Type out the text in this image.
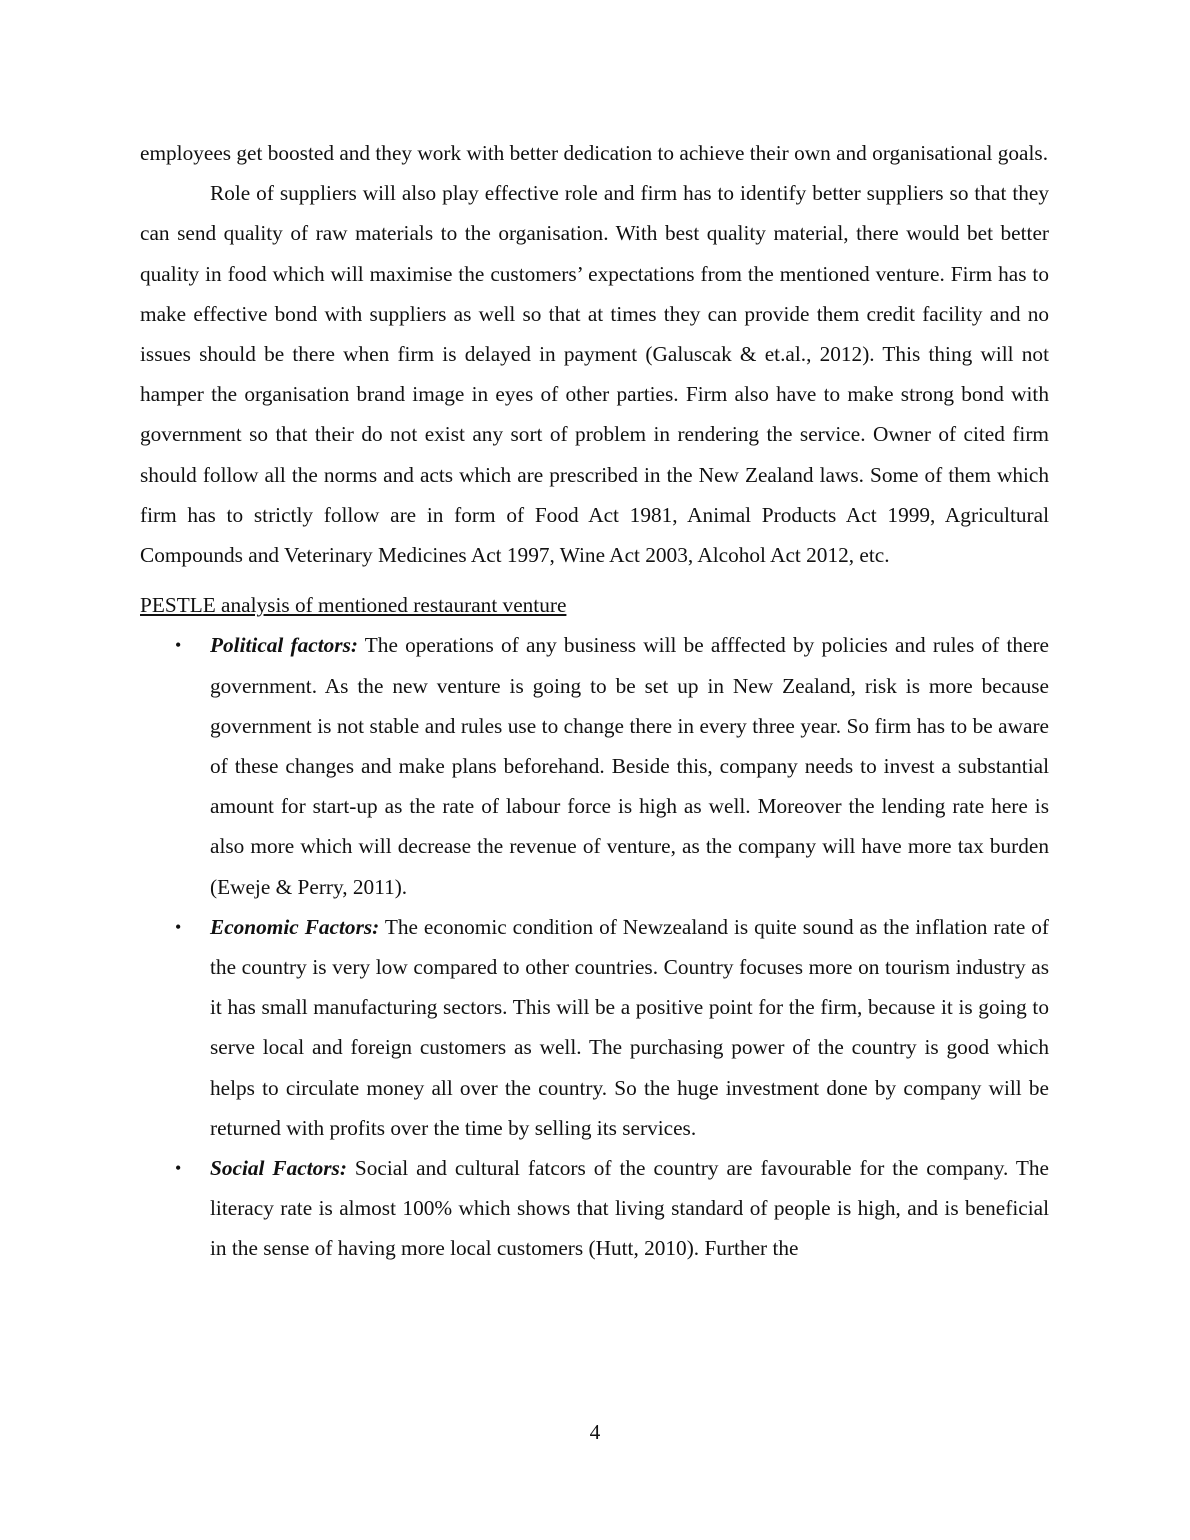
employees get boosted and they work with better dedication to achieve their own and organisational goals.

Role of suppliers will also play effective role and firm has to identify better suppliers so that they can send quality of raw materials to the organisation. With best quality material, there would bet better quality in food which will maximise the customers’ expectations from the mentioned venture. Firm has to make effective bond with suppliers as well so that at times they can provide them credit facility and no issues should be there when firm is delayed in payment (Galuscak & et.al., 2012). This thing will not hamper the organisation brand image in eyes of other parties. Firm also have to make strong bond with government so that their do not exist any sort of problem in rendering the service. Owner of cited firm should follow all the norms and acts which are prescribed in the New Zealand laws. Some of them which firm has to strictly follow are in form of Food Act 1981, Animal Products Act 1999, Agricultural Compounds and Veterinary Medicines Act 1997, Wine Act 2003, Alcohol Act 2012, etc.

PESTLE analysis of mentioned restaurant venture

• Political factors: The operations of any business will be afffected by policies and rules of there government. As the new venture is going to be set up in New Zealand, risk is more because government is not stable and rules use to change there in every three year. So firm has to be aware of these changes and make plans beforehand. Beside this, company needs to invest a substantial amount for start-up as the rate of labour force is high as well. Moreover the lending rate here is also more which will decrease the revenue of venture, as the company will have more tax burden (Eweje & Perry, 2011).
• Economic Factors: The economic condition of Newzealand is quite sound as the inflation rate of the country is very low compared to other countries. Country focuses more on tourism industry as it has small manufacturing sectors. This will be a positive point for the firm, because it is going to serve local and foreign customers as well. The purchasing power of the country is good which helps to circulate money all over the country. So the huge investment done by company will be returned with profits over the time by selling its services.
• Social Factors: Social and cultural fatcors of the country are favourable for the company. The literacy rate is almost 100% which shows that living standard of people is high, and is beneficial in the sense of having more local customers (Hutt, 2010). Further the
4
